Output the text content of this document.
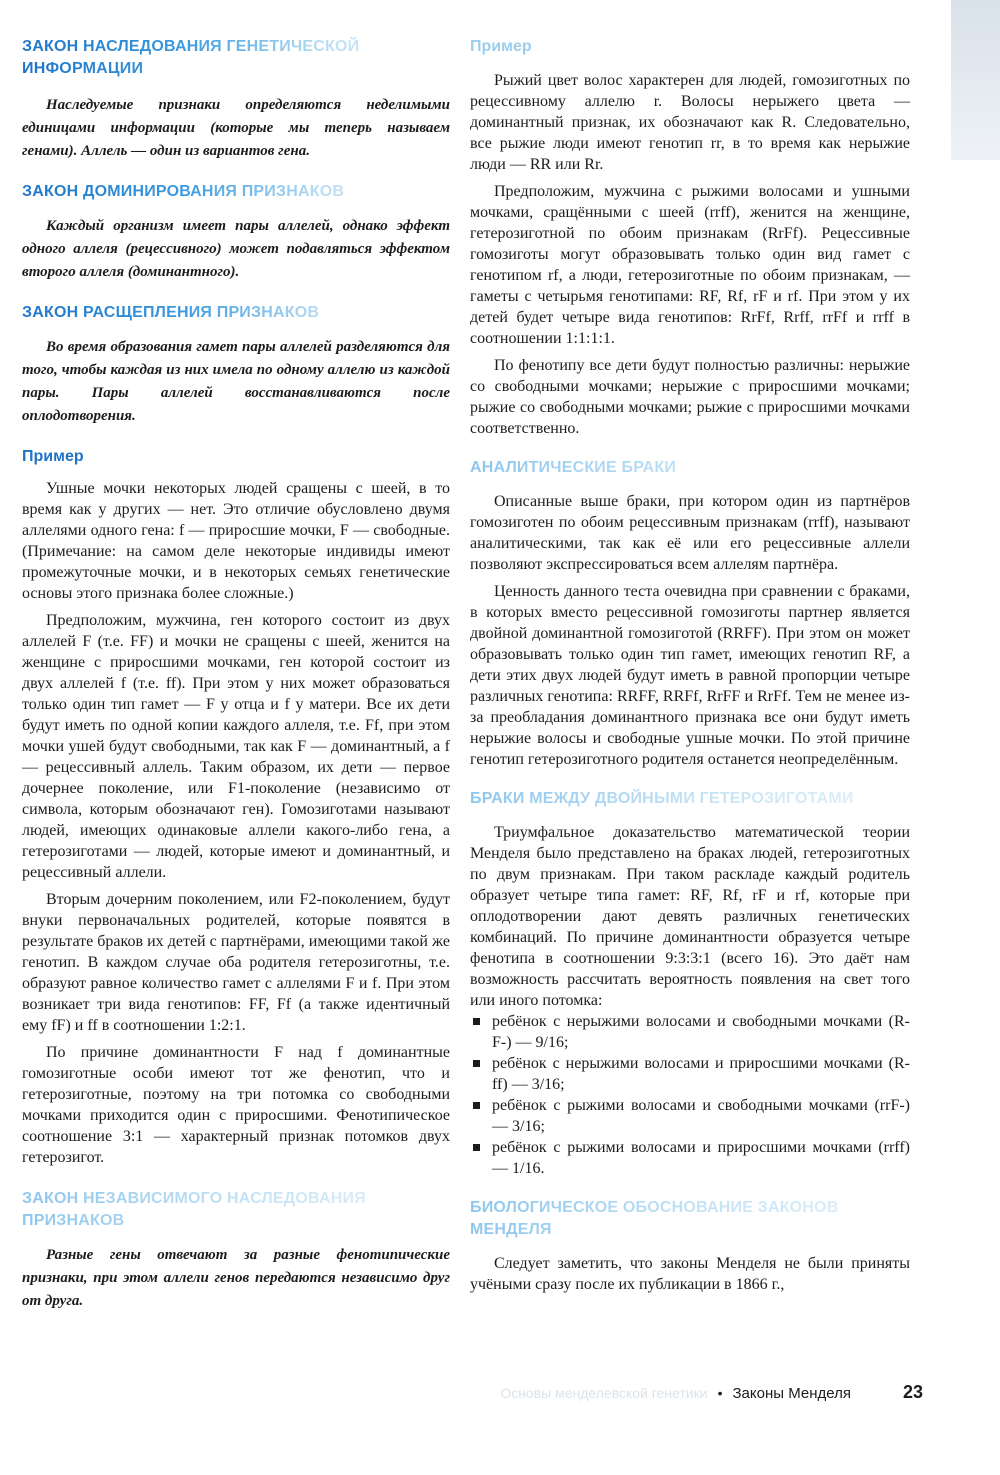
ЗАКОН НАСЛЕДОВАНИЯ ГЕНЕТИЧЕСКОЙ ИНФОРМАЦИИ

Наследуемые признаки определяются неделимыми единицами информации (которые мы теперь называем генами). Аллель — один из вариантов гена.

ЗАКОН ДОМИНИРОВАНИЯ ПРИЗНАКОВ

Каждый организм имеет пары аллелей, однако эффект одного аллеля (рецессивного) может подавляться эффектом второго аллеля (доминантного).

ЗАКОН РАСЩЕПЛЕНИЯ ПРИЗНАКОВ

Во время образования гамет пары аллелей разделяются для того, чтобы каждая из них имела по одному аллелю из каждой пары. Пары аллелей восстанавливаются после оплодотворения.

Пример

Ушные мочки некоторых людей сращены с шеей, в то время как у других — нет. Это отличие обусловлено двумя аллелями одного гена: f — приросшие мочки, F — свободные. (Примечание: на самом деле некоторые индивиды имеют промежуточные мочки, и в некоторых семьях генетические основы этого признака более сложные.)

Предположим, мужчина, ген которого состоит из двух аллелей F (т.е. FF) и мочки не сращены с шеей, женится на женщине с приросшими мочками, ген которой состоит из двух аллелей f (т.е. ff). При этом у них может образоваться только один тип гамет — F у отца и f у матери. Все их дети будут иметь по одной копии каждого аллеля, т.е. Ff, при этом мочки ушей будут свободными, так как F — доминантный, а f — рецессивный аллель. Таким образом, их дети — первое дочернее поколение, или F1-поколение (независимо от символа, которым обозначают ген). Гомозиготами называют людей, имеющих одинаковые аллели какого-либо гена, а гетерозиготами — людей, которые имеют и доминантный, и рецессивный аллели.

Вторым дочерним поколением, или F2-поколением, будут внуки первоначальных родителей, которые появятся в результате браков их детей с партнёрами, имеющими такой же генотип. В каждом случае оба родителя гетерозиготны, т.е. образуют равное количество гамет с аллелями F и f. При этом возникает три вида генотипов: FF, Ff (а также идентичный ему fF) и ff в соотношении 1:2:1.

По причине доминантности F над f доминантные гомозиготные особи имеют тот же фенотип, что и гетерозиготные, поэтому на три потомка со свободными мочками приходится один с приросшими. Фенотипическое соотношение 3:1 — характерный признак потомков двух гетерозигот.

ЗАКОН НЕЗАВИСИМОГО НАСЛЕДОВАНИЯ ПРИЗНАКОВ

Разные гены отвечают за разные фенотипические признаки, при этом аллели генов передаются независимо друг от друга.

Пример

Рыжий цвет волос характерен для людей, гомозиготных по рецессивному аллелю r. Волосы нерыжего цвета — доминантный признак, их обозначают как R. Следовательно, все рыжие люди имеют генотип rr, в то время как нерыжие люди — RR или Rr.

Предположим, мужчина с рыжими волосами и ушными мочками, сращёнными с шеей (rrff), женится на женщине, гетерозиготной по обоим признакам (RrFf). Рецессивные гомозиготы могут образовывать только один вид гамет с генотипом rf, а люди, гетерозиготные по обоим признакам, — гаметы с четырьмя генотипами: RF, Rf, rF и rf. При этом у их детей будет четыре вида генотипов: RrFf, Rrff, rrFf и rrff в соотношении 1:1:1:1.

По фенотипу все дети будут полностью различны: нерыжие со свободными мочками; нерыжие с приросшими мочками; рыжие со свободными мочками; рыжие с приросшими мочками соответственно.

АНАЛИТИЧЕСКИЕ БРАКИ

Описанные выше браки, при котором один из партнёров гомозиготен по обоим рецессивным признакам (rrff), называют аналитическими, так как её или его рецессивные аллели позволяют экспрессироваться всем аллелям партнёра.

Ценность данного теста очевидна при сравнении с браками, в которых вместо рецессивной гомозиготы партнер является двойной доминантной гомозиготой (RRFF). При этом он может образовывать только один тип гамет, имеющих генотип RF, а дети этих двух людей будут иметь в равной пропорции четыре различных генотипа: RRFF, RRFf, RrFF и RrFf. Тем не менее из-за преобладания доминантного признака все они будут иметь нерыжие волосы и свободные ушные мочки. По этой причине генотип гетерозиготного родителя останется неопределённым.

БРАКИ МЕЖДУ ДВОЙНЫМИ ГЕТЕРОЗИГОТАМИ

Триумфальное доказательство математической теории Менделя было представлено на браках людей, гетерозиготных по двум признакам. При таком раскладе каждый родитель образует четыре типа гамет: RF, Rf, rF и rf, которые при оплодотворении дают девять различных генетических комбинаций. По причине доминантности образуется четыре фенотипа в соотношении 9:3:3:1 (всего 16). Это даёт нам возможность рассчитать вероятность появления на свет того или иного потомка:

ребёнок с нерыжими волосами и свободными мочками (R-F-) — 9/16;
ребёнок с нерыжими волосами и приросшими мочками (R-ff) — 3/16;
ребёнок с рыжими волосами и свободными мочками (rrF-) — 3/16;
ребёнок с рыжими волосами и приросшими мочками (rrff) — 1/16.
БИОЛОГИЧЕСКОЕ ОБОСНОВАНИЕ ЗАКОНОВ МЕНДЕЛЯ

Следует заметить, что законы Менделя не были приняты учёными сразу после их публикации в 1866 г.,

Основы менделевской генетики • Законы Менделя	23
